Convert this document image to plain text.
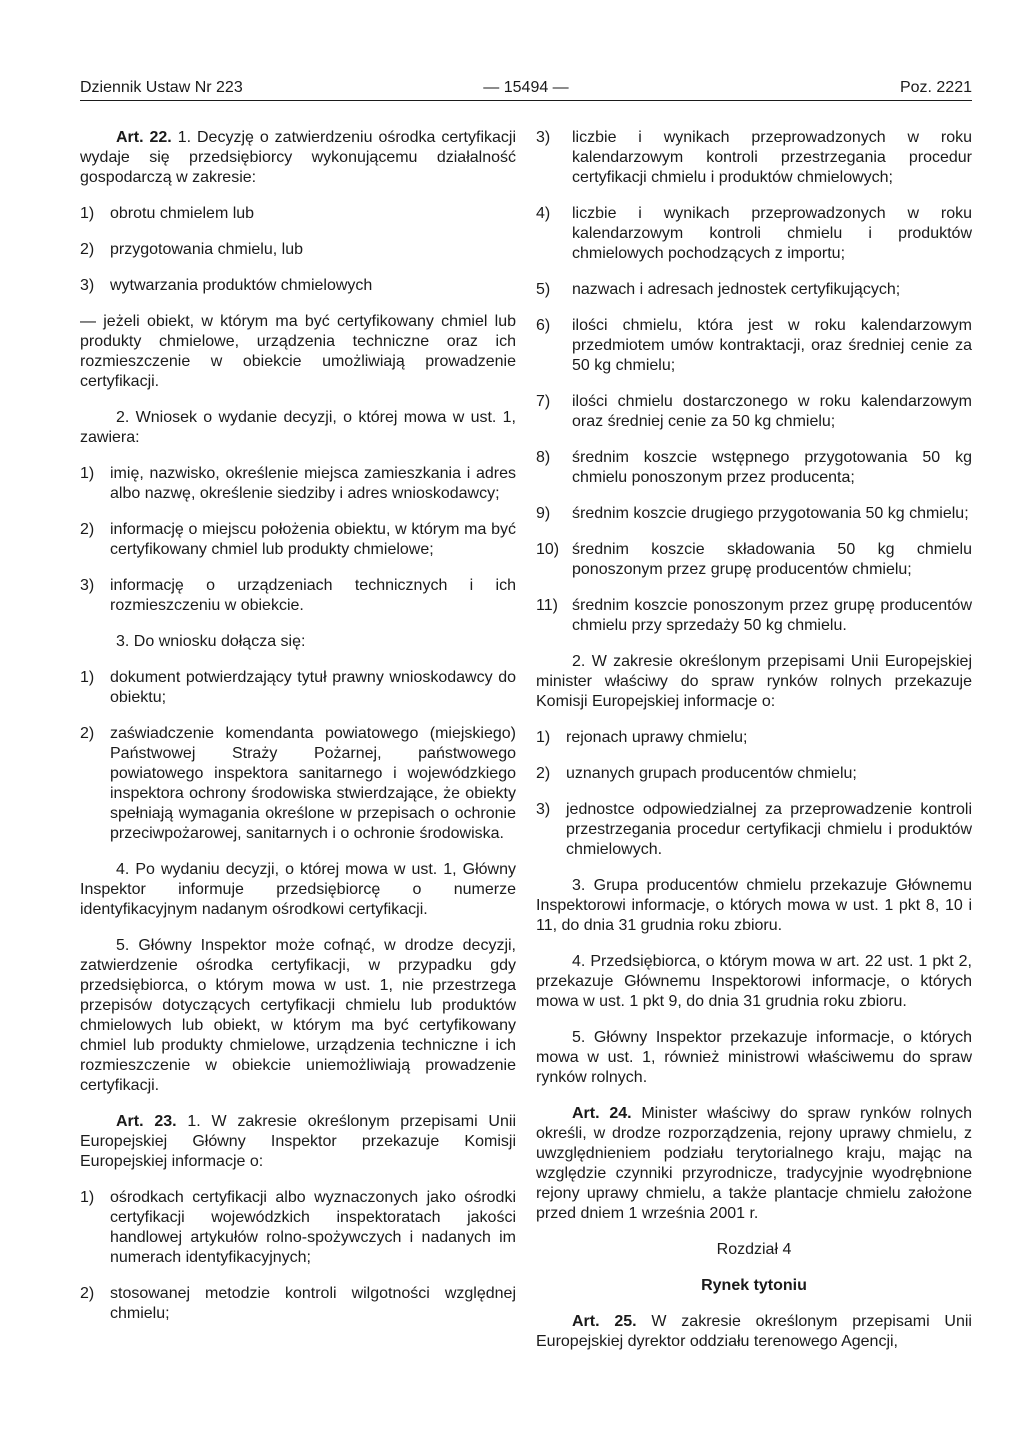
Dziennik Ustaw Nr 223	— 15494 —	Poz. 2221

Art. 22. 1. Decyzję o zatwierdzeniu ośrodka certyfikacji wydaje się przedsiębiorcy wykonującemu działalność gospodarczą w zakresie:

1) obrotu chmielem lub
2) przygotowania chmielu, lub
3) wytwarzania produktów chmielowych

— jeżeli obiekt, w którym ma być certyfikowany chmiel lub produkty chmielowe, urządzenia techniczne oraz ich rozmieszczenie w obiekcie umożliwiają prowadzenie certyfikacji.

2. Wniosek o wydanie decyzji, o której mowa w ust. 1, zawiera:

1) imię, nazwisko, określenie miejsca zamieszkania i adres albo nazwę, określenie siedziby i adres wnioskodawcy;
2) informację o miejscu położenia obiektu, w którym ma być certyfikowany chmiel lub produkty chmielowe;
3) informację o urządzeniach technicznych i ich rozmieszczeniu w obiekcie.

3. Do wniosku dołącza się:

1) dokument potwierdzający tytuł prawny wnioskodawcy do obiektu;
2) zaświadczenie komendanta powiatowego (miejskiego) Państwowej Straży Pożarnej, państwowego powiatowego inspektora sanitarnego i wojewódzkiego inspektora ochrony środowiska stwierdzające, że obiekty spełniają wymagania określone w przepisach o ochronie przeciwpożarowej, sanitarnych i o ochronie środowiska.

4. Po wydaniu decyzji, o której mowa w ust. 1, Główny Inspektor informuje przedsiębiorcę o numerze identyfikacyjnym nadanym ośrodkowi certyfikacji.

5. Główny Inspektor może cofnąć, w drodze decyzji, zatwierdzenie ośrodka certyfikacji, w przypadku gdy przedsiębiorca, o którym mowa w ust. 1, nie przestrzega przepisów dotyczących certyfikacji chmielu lub produktów chmielowych lub obiekt, w którym ma być certyfikowany chmiel lub produkty chmielowe, urządzenia techniczne i ich rozmieszczenie w obiekcie uniemożliwiają prowadzenie certyfikacji.

Art. 23. 1. W zakresie określonym przepisami Unii Europejskiej Główny Inspektor przekazuje Komisji Europejskiej informacje o:

1) ośrodkach certyfikacji albo wyznaczonych jako ośrodki certyfikacji wojewódzkich inspektoratach jakości handlowej artykułów rolno-spożywczych i nadanych im numerach identyfikacyjnych;
2) stosowanej metodzie kontroli wilgotności względnej chmielu;
3) liczbie i wynikach przeprowadzonych w roku kalendarzowym kontroli przestrzegania procedur certyfikacji chmielu i produktów chmielowych;
4) liczbie i wynikach przeprowadzonych w roku kalendarzowym kontroli chmielu i produktów chmielowych pochodzących z importu;
5) nazwach i adresach jednostek certyfikujących;
6) ilości chmielu, która jest w roku kalendarzowym przedmiotem umów kontraktacji, oraz średniej cenie za 50 kg chmielu;
7) ilości chmielu dostarczonego w roku kalendarzowym oraz średniej cenie za 50 kg chmielu;
8) średnim koszcie wstępnego przygotowania 50 kg chmielu ponoszonym przez producenta;
9) średnim koszcie drugiego przygotowania 50 kg chmielu;
10) średnim koszcie składowania 50 kg chmielu ponoszonym przez grupę producentów chmielu;
11) średnim koszcie ponoszonym przez grupę producentów chmielu przy sprzedaży 50 kg chmielu.

2. W zakresie określonym przepisami Unii Europejskiej minister właściwy do spraw rynków rolnych przekazuje Komisji Europejskiej informacje o:

1) rejonach uprawy chmielu;
2) uznanych grupach producentów chmielu;
3) jednostce odpowiedzialnej za przeprowadzenie kontroli przestrzegania procedur certyfikacji chmielu i produktów chmielowych.

3. Grupa producentów chmielu przekazuje Głównemu Inspektorowi informacje, o których mowa w ust. 1 pkt 8, 10 i 11, do dnia 31 grudnia roku zbioru.

4. Przedsiębiorca, o którym mowa w art. 22 ust. 1 pkt 2, przekazuje Głównemu Inspektorowi informacje, o których mowa w ust. 1 pkt 9, do dnia 31 grudnia roku zbioru.

5. Główny Inspektor przekazuje informacje, o których mowa w ust. 1, również ministrowi właściwemu do spraw rynków rolnych.

Art. 24. Minister właściwy do spraw rynków rolnych określi, w drodze rozporządzenia, rejony uprawy chmielu, z uwzględnieniem podziału terytorialnego kraju, mając na względzie czynniki przyrodnicze, tradycyjnie wyodrębnione rejony uprawy chmielu, a także plantacje chmielu założone przed dniem 1 września 2001 r.

Rozdział 4

Rynek tytoniu

Art. 25. W zakresie określonym przepisami Unii Europejskiej dyrektor oddziału terenowego Agencji,
